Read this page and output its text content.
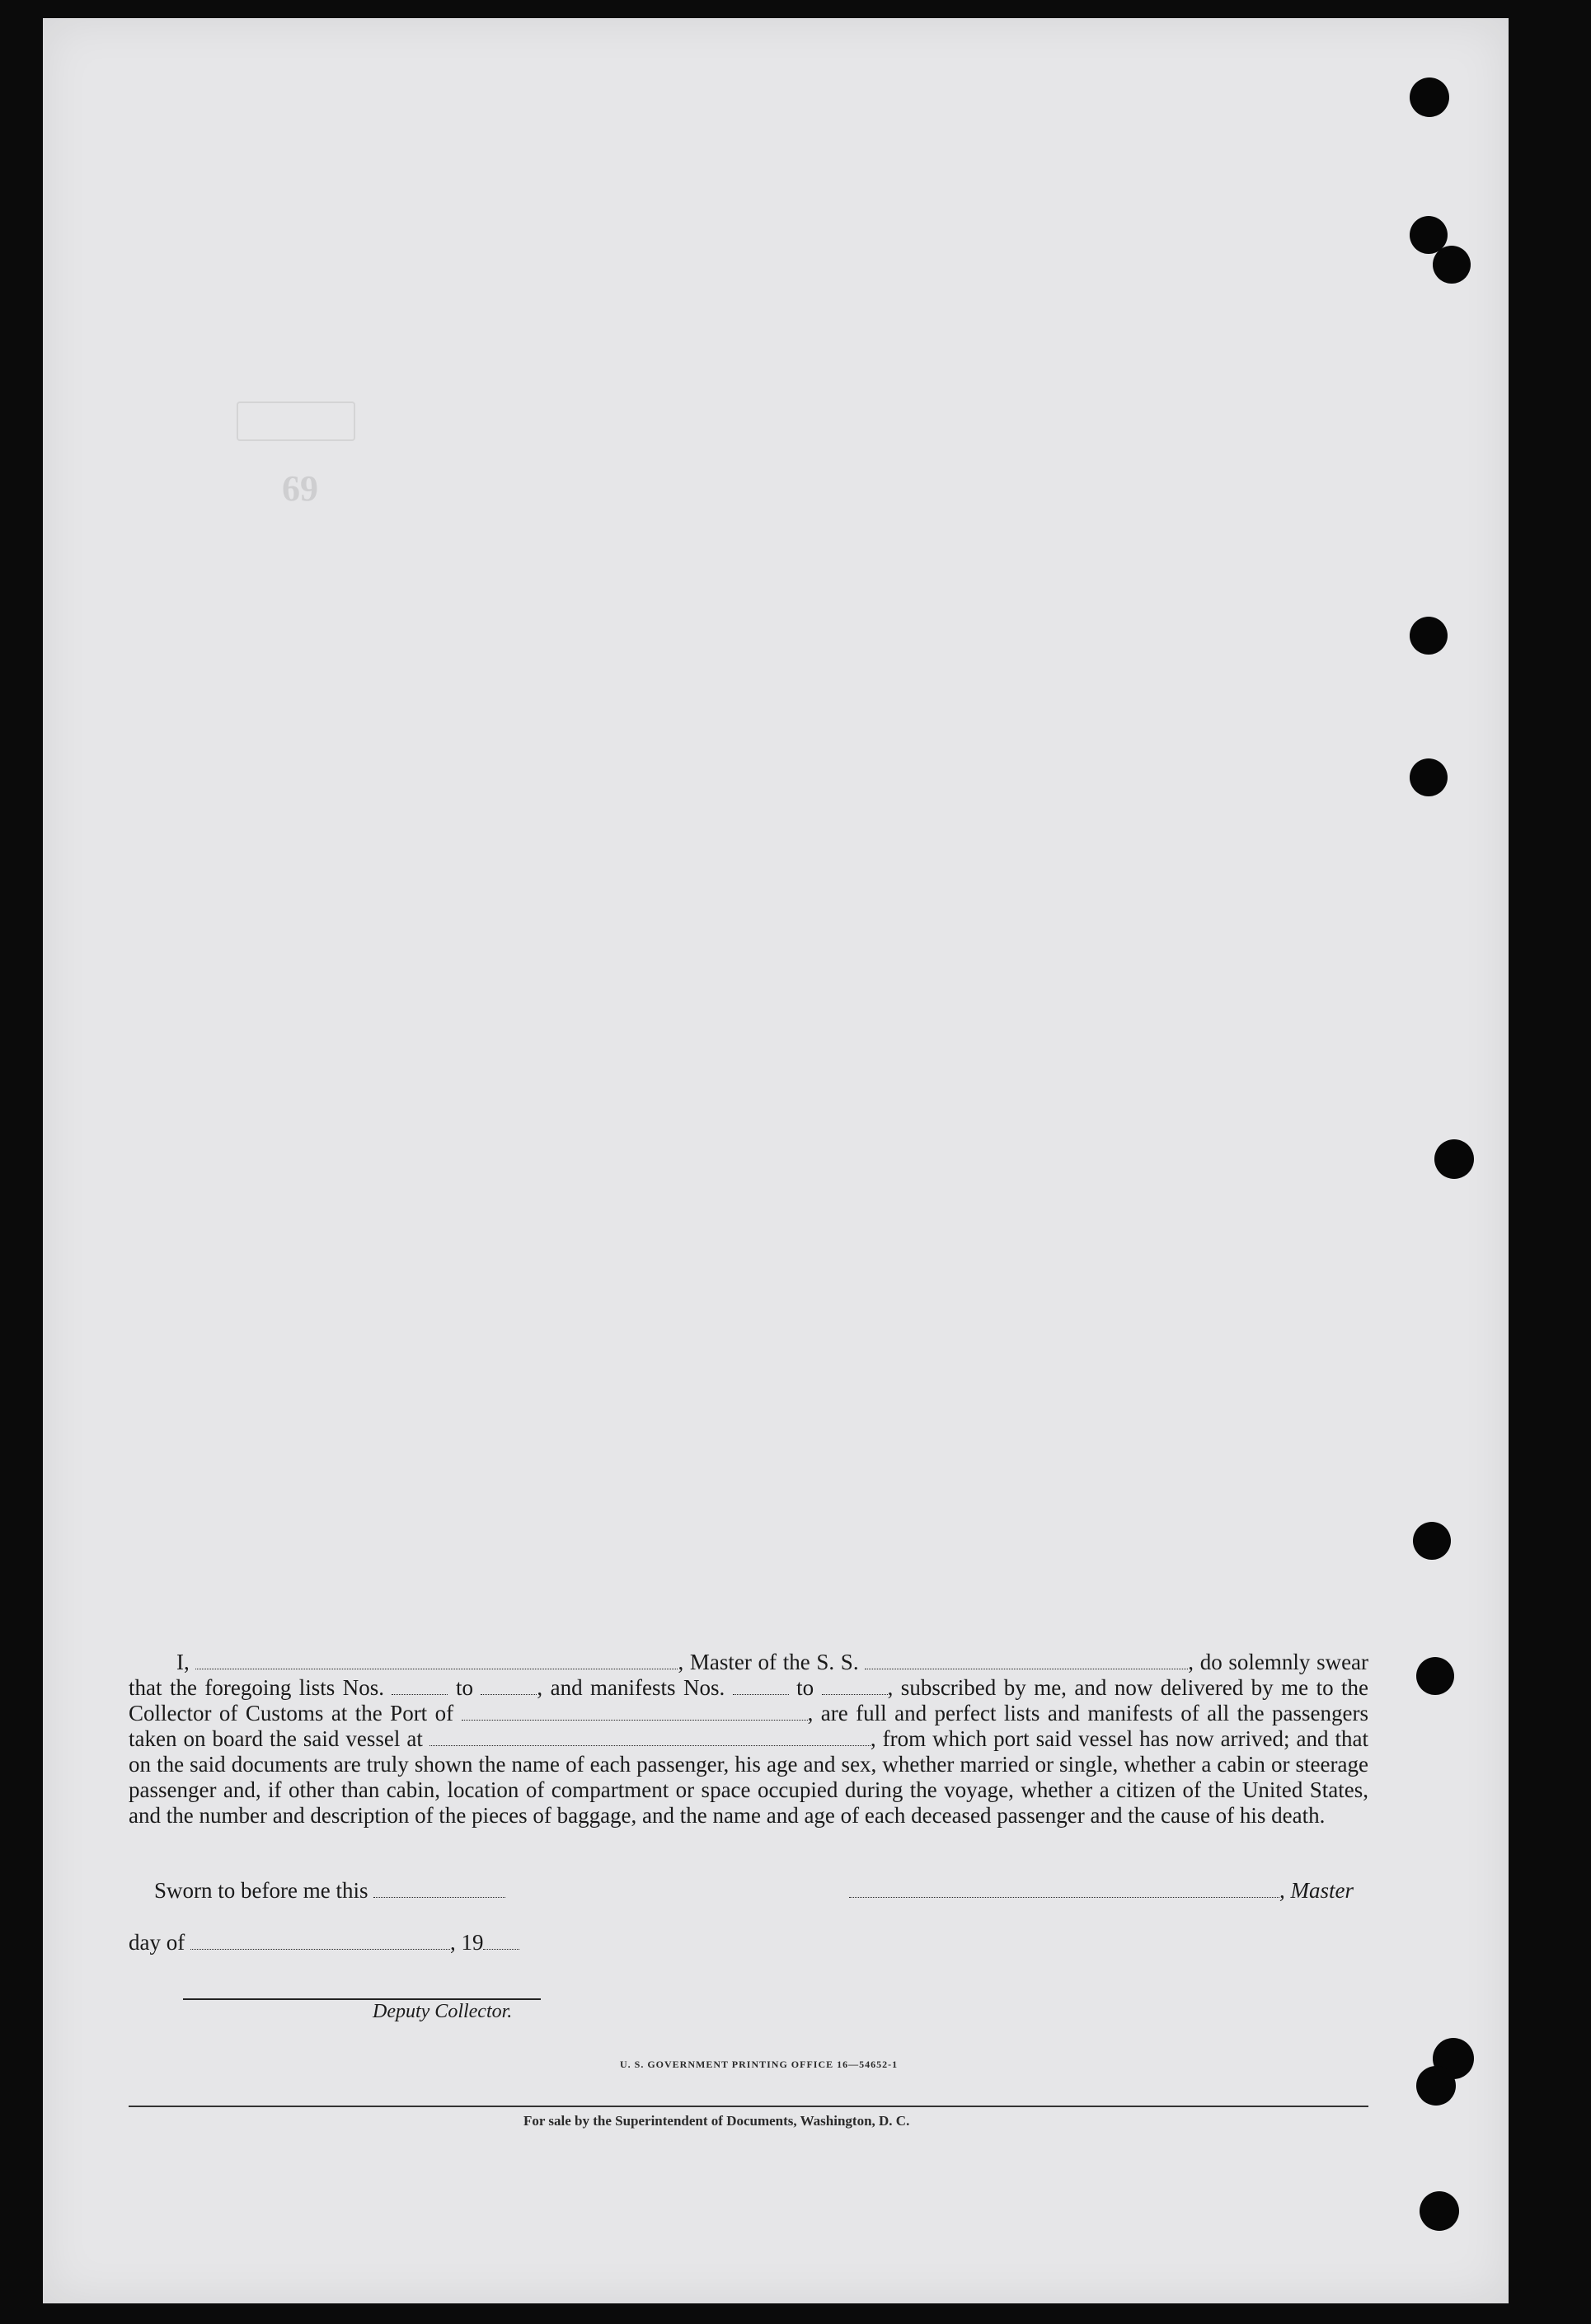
69
I,	, Master of the S. S.	, do solemnly swear that the foregoing lists Nos.	to	, and manifests Nos.	to	, subscribed by me, and now delivered by me to the Collector of Customs at the Port of	, are full and perfect lists and manifests of all the passengers taken on board the said vessel at	, from which port said vessel has now arrived; and that on the said documents are truly shown the name of each passenger, his age and sex, whether married or single, whether a cabin or steerage passenger and, if other than cabin, location of compartment or space occupied during the voyage, whether a citizen of the United States, and the number and description of the pieces of baggage, and the name and age of each deceased passenger and the cause of his death.
Sworn to before me this	, Master
day of	, 19
Deputy Collector.
U. S. GOVERNMENT PRINTING OFFICE 16—54652-1
For sale by the Superintendent of Documents, Washington, D. C.
